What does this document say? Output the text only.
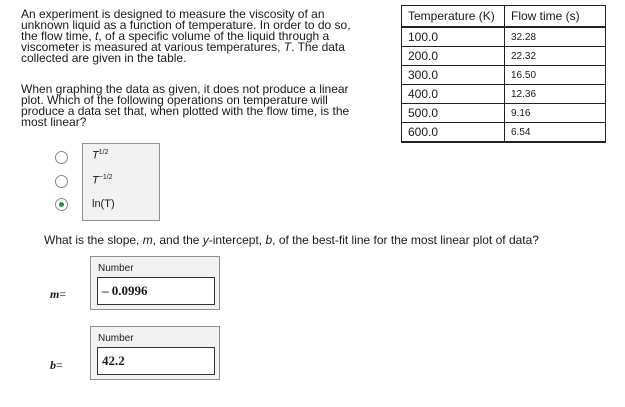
An experiment is designed to measure the viscosity of an
unknown liquid as a function of temperature. In order to do so,
the flow time, t, of a specific volume of the liquid through a
viscometer is measured at various temperatures, T. The data
collected are given in the table.
When graphing the data as given, it does not produce a linear
plot. Which of the following operations on temperature will
produce a data set that, when plotted with the flow time, is the
most linear?
Temperature (K)	Flow time (s)
100.0	32.28
200.0	22.32
300.0	16.50
400.0	12.36
500.0	9.16
600.0	6.54
$T^{1/2}$
$T^{-1/2}$
ln(T)
What is the slope, m, and the y-intercept, b, of the best-fit line for the most linear plot of data?
m=
Number
– 0.0996
b=
Number
42.2
